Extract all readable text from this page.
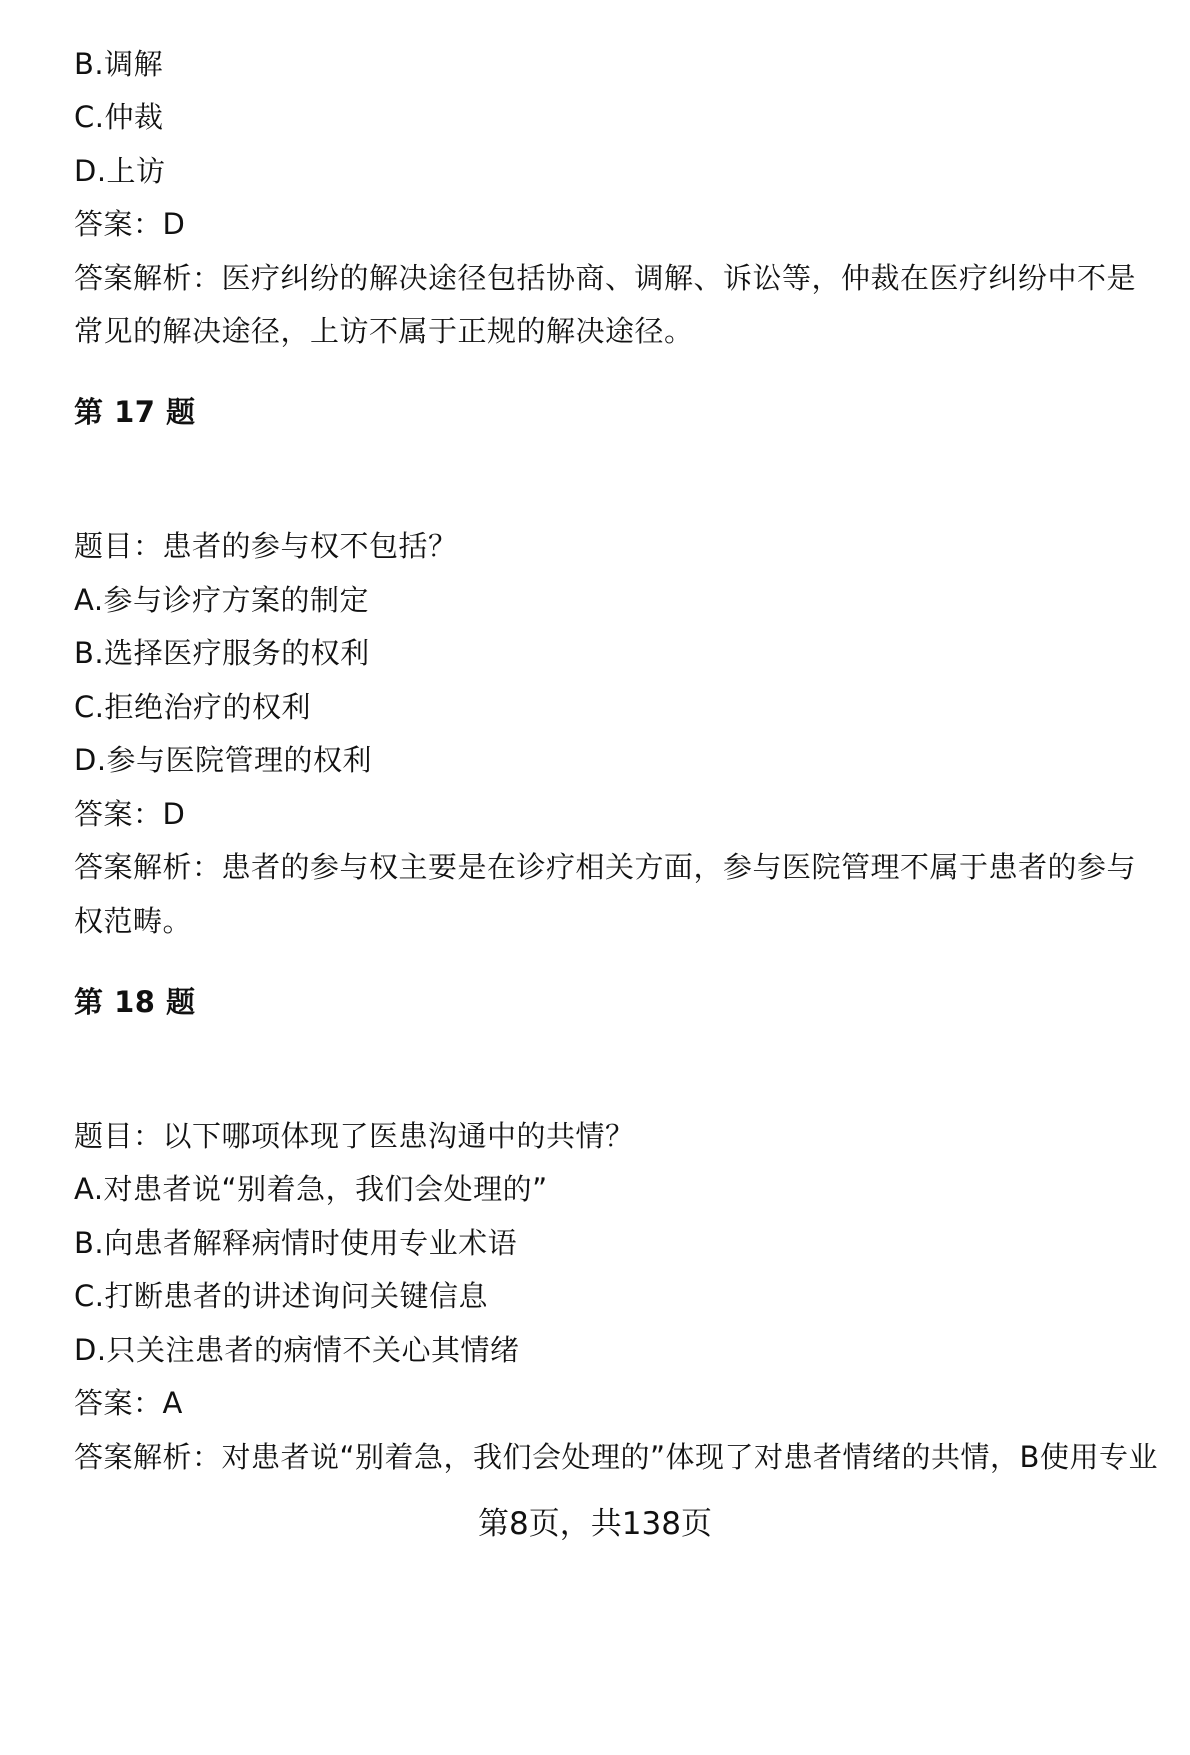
B.调解
C.仲裁
D.上访
答案：D
答案解析：医疗纠纷的解决途径包括协商、调解、诉讼等，仲裁在医疗纠纷中不是
常见的解决途径，上访不属于正规的解决途径。
第 17 题
题目：患者的参与权不包括？
A.参与诊疗方案的制定
B.选择医疗服务的权利
C.拒绝治疗的权利
D.参与医院管理的权利
答案：D
答案解析：患者的参与权主要是在诊疗相关方面，参与医院管理不属于患者的参与
权范畴。
第 18 题
题目：以下哪项体现了医患沟通中的共情？
A.对患者说“别着急，我们会处理的”
B.向患者解释病情时使用专业术语
C.打断患者的讲述询问关键信息
D.只关注患者的病情不关心其情绪
答案：A
答案解析：对患者说“别着急，我们会处理的”体现了对患者情绪的共情，B使用专业
第8页，共138页
